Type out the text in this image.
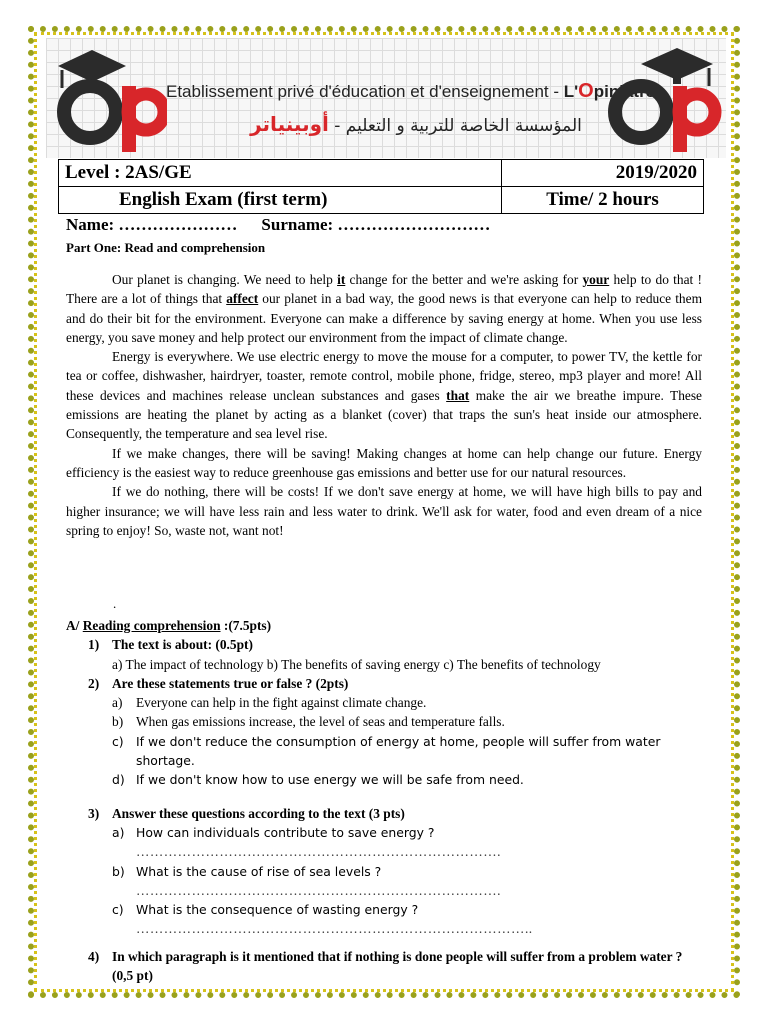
Etablissement privé d'éducation et d'enseignement - L'Opiniâtre
المؤسسة الخاصة للتربية و التعليم - أوبينياتر
Level : 2AS/GE	2019/2020
English Exam (first term)	Time/ 2 hours
Name: ………………… Surname: ………………………
Part One: Read and comprehension

Our planet is changing. We need to help it change for the better and we're asking for your help to do that ! There are a lot of things that affect our planet in a bad way, the good news is that everyone can help to reduce them and do their bit for the environment. Everyone can make a difference by saving energy at home. When you use less energy, you save money and help protect our environment from the impact of climate change.

Energy is everywhere. We use electric energy to move the mouse for a computer, to power TV, the kettle for tea or coffee, dishwasher, hairdryer, toaster, remote control, mobile phone, fridge, stereo, mp3 player and more! All these devices and machines release unclean substances and gases that make the air we breathe impure. These emissions are heating the planet by acting as a blanket (cover) that traps the sun's heat inside our atmosphere. Consequently, the temperature and sea level rise.

If we make changes, there will be saving! Making changes at home can help change our future. Energy efficiency is the easiest way to reduce greenhouse gas emissions and better use for our natural resources.

If we do nothing, there will be costs! If we don't save energy at home, we will have high bills to pay and higher insurance; we will have less rain and less water to drink. We'll ask for water, food and even dream of a nice spring to enjoy! So, waste not, want not!

.
A/ Reading comprehension :(7.5pts)
1) The text is about: (0.5pt)
a) The impact of technology b) The benefits of saving energy c) The benefits of technology
2) Are these statements true or false ? (2pts)
a) Everyone can help in the fight against climate change.
b) When gas emissions increase, the level of seas and temperature falls.
c) If we don't reduce the consumption of energy at home, people will suffer from water shortage.
d) If we don't know how to use energy we will be safe from need.
3) Answer these questions according to the text (3 pts)
a) How can individuals contribute to save energy ?
…………………………………………………………………….
b) What is the cause of rise of sea levels ?
…………………………………………………………………….
c) What is the consequence of wasting energy ?
…………………………………………………………………………..
4) In which paragraph is it mentioned that if nothing is done people will suffer from a problem water ? (0,5 pt)
